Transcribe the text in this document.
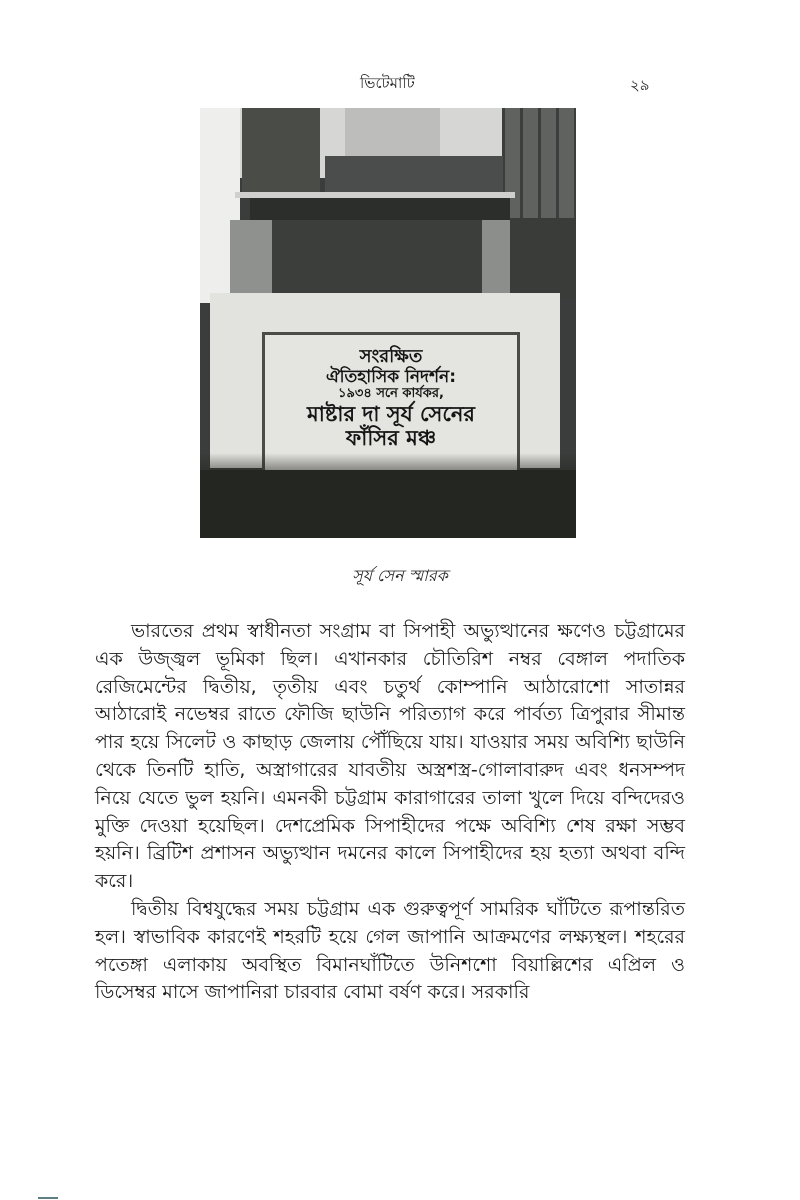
ভিটেমাটি	২৯
সংরক্ষিত
ঐতিহাসিক নিদর্শন:
১৯৩৪ সনে কার্যকর,
মাষ্টার দা সূর্য সেনের
ফাঁসির মঞ্চ
সূর্য সেন স্মারক

ভারতের প্রথম স্বাধীনতা সংগ্রাম বা সিপাহী অভ্যুত্থানের ক্ষণেও চট্টগ্রামের এক উজ্জ্বল ভূমিকা ছিল। এখানকার চৌতিরিশ নম্বর বেঙ্গাল পদাতিক রেজিমেন্টের দ্বিতীয়, তৃতীয় এবং চতুর্থ কোম্পানি আঠারোশো সাতান্নর আঠারোই নভেম্বর রাতে ফৌজি ছাউনি পরিত্যাগ করে পার্বত্য ত্রিপুরার সীমান্ত পার হয়ে সিলেট ও কাছাড় জেলায় পৌঁছিয়ে যায়। যাওয়ার সময় অবিশ্যি ছাউনি থেকে তিনটি হাতি, অস্ত্রাগারের যাবতীয় অস্ত্রশস্ত্র-গোলাবারুদ এবং ধনসম্পদ নিয়ে যেতে ভুল হয়নি। এমনকী চট্টগ্রাম কারাগারের তালা খুলে দিয়ে বন্দিদেরও মুক্তি দেওয়া হয়েছিল। দেশপ্রেমিক সিপাহীদের পক্ষে অবিশ্যি শেষ রক্ষা সম্ভব হয়নি। ব্রিটিশ প্রশাসন অভ্যুত্থান দমনের কালে সিপাহীদের হয় হত্যা অথবা বন্দি করে।

দ্বিতীয় বিশ্বযুদ্ধের সময় চট্টগ্রাম এক গুরুত্বপূর্ণ সামরিক ঘাঁটিতে রূপান্তরিত হল। স্বাভাবিক কারণেই শহরটি হয়ে গেল জাপানি আক্রমণের লক্ষ্যস্থল। শহরের পতেঙ্গা এলাকায় অবস্থিত বিমানঘাঁটিতে উনিশশো বিয়াল্লিশের এপ্রিল ও ডিসেম্বর মাসে জাপানিরা চারবার বোমা বর্ষণ করে। সরকারি
